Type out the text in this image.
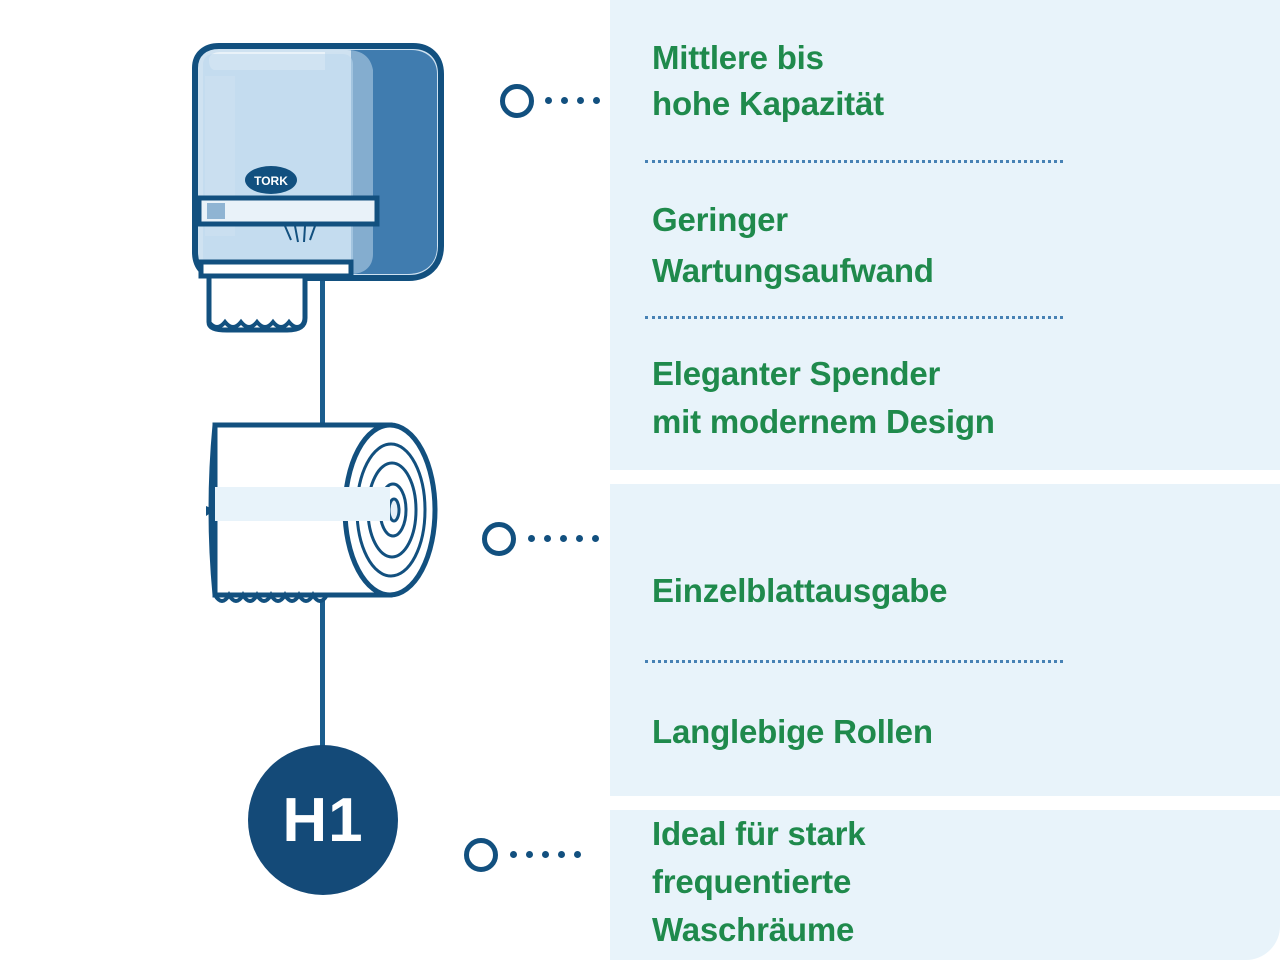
Mittlere bis
hohe Kapazität
Geringer
Wartungsaufwand
Eleganter Spender
mit modernem Design
Einzelblattausgabe
Langlebige Rollen
Ideal für stark
frequentierte
Waschräume
TORK
H1
